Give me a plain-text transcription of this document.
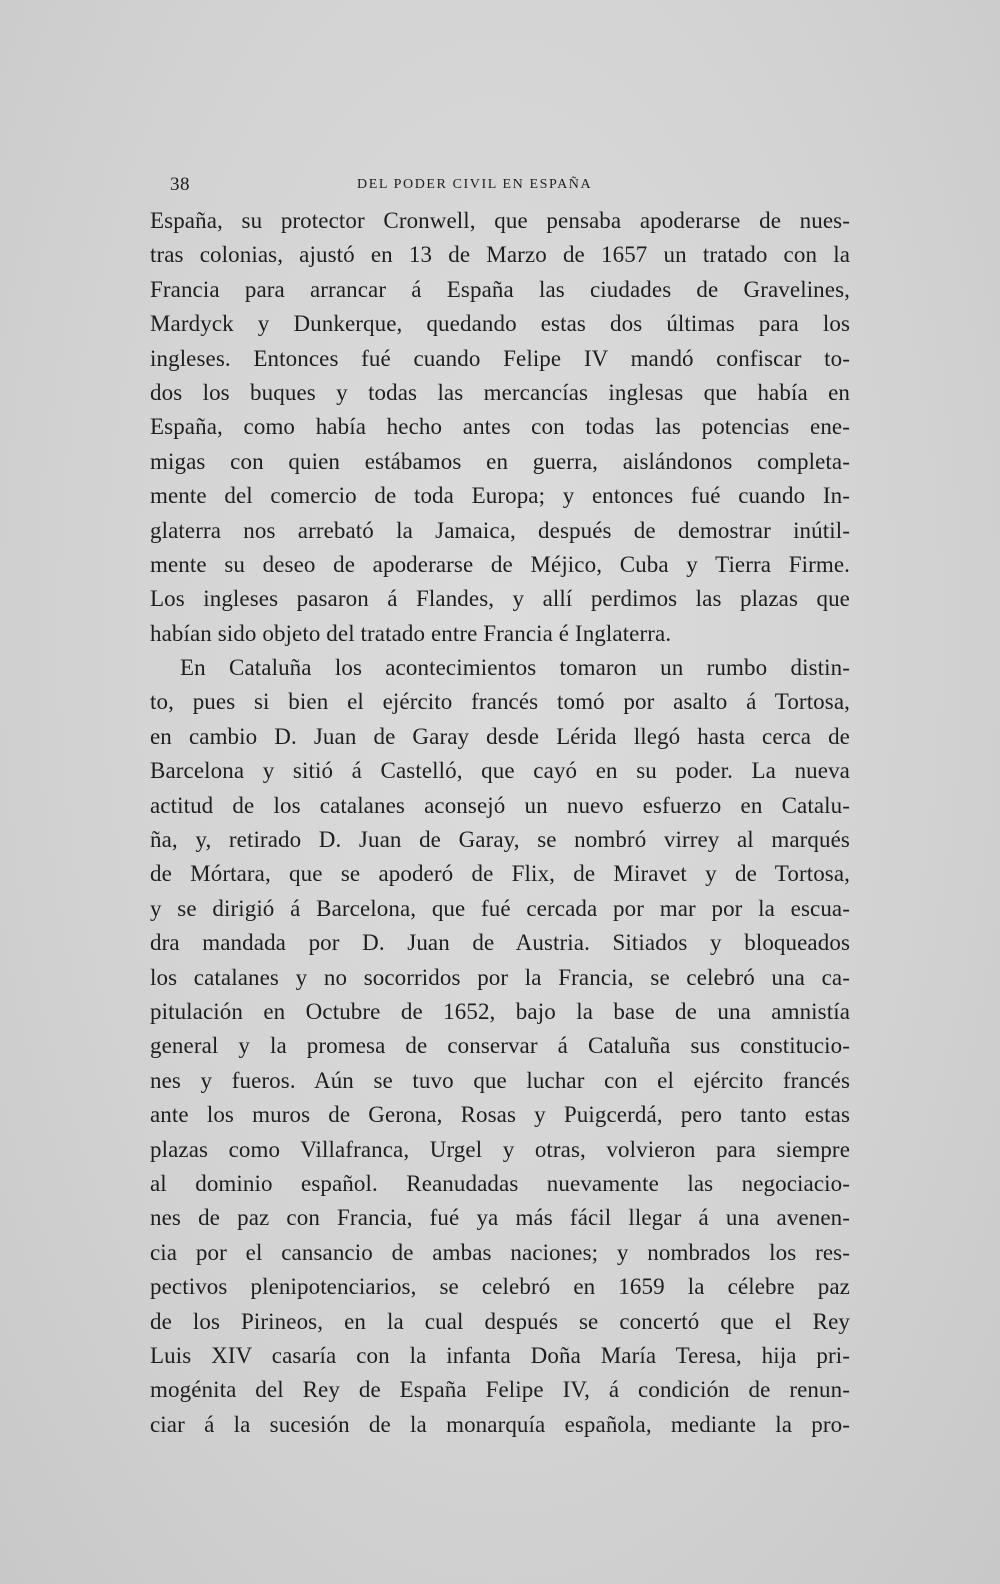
38	DEL PODER CIVIL EN ESPAÑA
España, su protector Cronwell, que pensaba apoderarse de nues-
tras colonias, ajustó en 13 de Marzo de 1657 un tratado con la
Francia para arrancar á España las ciudades de Gravelines,
Mardyck y Dunkerque, quedando estas dos últimas para los
ingleses. Entonces fué cuando Felipe IV mandó confiscar to-
dos los buques y todas las mercancías inglesas que había en
España, como había hecho antes con todas las potencias ene-
migas con quien estábamos en guerra, aislándonos completa-
mente del comercio de toda Europa; y entonces fué cuando In-
glaterra nos arrebató la Jamaica, después de demostrar inútil-
mente su deseo de apoderarse de Méjico, Cuba y Tierra Firme.
Los ingleses pasaron á Flandes, y allí perdimos las plazas que
habían sido objeto del tratado entre Francia é Inglaterra.
En Cataluña los acontecimientos tomaron un rumbo distin-
to, pues si bien el ejército francés tomó por asalto á Tortosa,
en cambio D. Juan de Garay desde Lérida llegó hasta cerca de
Barcelona y sitió á Castelló, que cayó en su poder. La nueva
actitud de los catalanes aconsejó un nuevo esfuerzo en Catalu-
ña, y, retirado D. Juan de Garay, se nombró virrey al marqués
de Mórtara, que se apoderó de Flix, de Miravet y de Tortosa,
y se dirigió á Barcelona, que fué cercada por mar por la escua-
dra mandada por D. Juan de Austria. Sitiados y bloqueados
los catalanes y no socorridos por la Francia, se celebró una ca-
pitulación en Octubre de 1652, bajo la base de una amnistía
general y la promesa de conservar á Cataluña sus constitucio-
nes y fueros. Aún se tuvo que luchar con el ejército francés
ante los muros de Gerona, Rosas y Puigcerdá, pero tanto estas
plazas como Villafranca, Urgel y otras, volvieron para siempre
al dominio español. Reanudadas nuevamente las negociacio-
nes de paz con Francia, fué ya más fácil llegar á una avenen-
cia por el cansancio de ambas naciones; y nombrados los res-
pectivos plenipotenciarios, se celebró en 1659 la célebre paz
de los Pirineos, en la cual después se concertó que el Rey
Luis XIV casaría con la infanta Doña María Teresa, hija pri-
mogénita del Rey de España Felipe IV, á condición de renun-
ciar á la sucesión de la monarquía española, mediante la pro-
